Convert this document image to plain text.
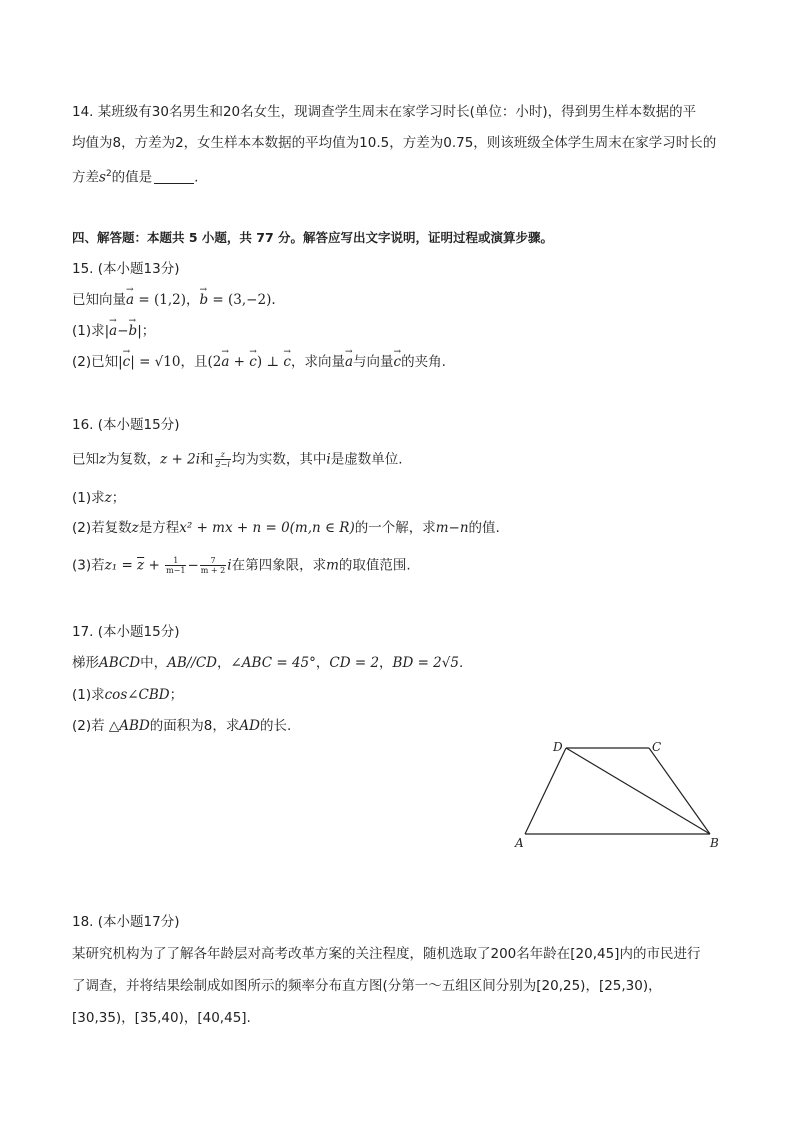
14. 某班级有30名男生和20名女生，现调查学生周末在家学习时长(单位：小时)，得到男生样本数据的平
均值为8，方差为2，女生样本本数据的平均值为10.5，方差为0.75，则该班级全体学生周末在家学习时长的
方差$s^2$的值是	.
四、解答题：本题共 5 小题，共 77 分。解答应写出文字说明，证明过程或演算步骤。
15. (本小题13分)
已知向量→ a = (1,2)，→ b = (3,−2).
(1)求|→ a−→ b|；
(2)已知|→ c| = √10，且(2→ a + → c) ⊥ → c，求向量→ a与向量→ c的夹角.
16. (本小题15分)
已知z为复数，z + 2i和 $\frac{z}{2-i}$ 均为实数，其中i是虚数单位.
(1)求z；
(2)若复数z是方程x² + mx + n = 0(m,n ∈ R)的一个解，求m−n的值.
(3)若$z_1 = \overline{z} + \frac{1}{m-1} - \frac{7}{m + 2}$ i在第四象限，求m的取值范围.
17. (本小题15分)
梯形ABCD中，AB//CD，∠ABC = 45°，CD = 2，BD = 2√5.
(1)求cos∠CBD；
(2)若 △ABD的面积为8，求AD的长.
A	B
C
D
18. (本小题17分)
某研究机构为了了解各年龄层对高考改革方案的关注程度，随机选取了200名年龄在[20,45]内的市民进行
了调查，并将结果绘制成如图所示的频率分布直方图(分第一～五组区间分别为[20,25)，[25,30)，
[30,35)，[35,40)，[40,45].
